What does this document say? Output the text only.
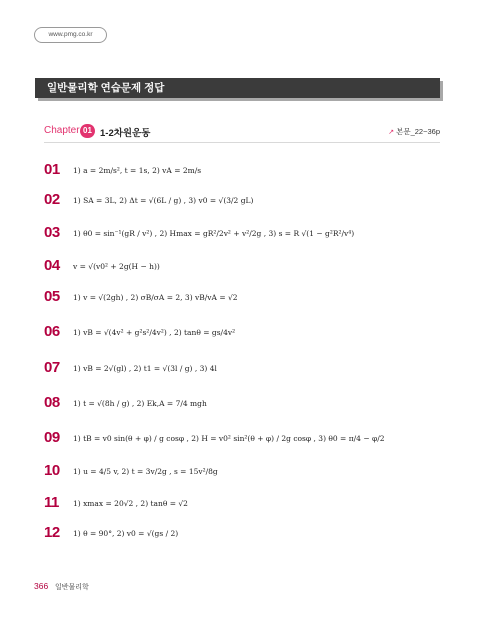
www.pmg.co.kr
일반물리학 연습문제 정답
Chapter 01 1-2차원운동	↗ 본문_22~36p
01	1) a = 2m/s², t = 1s, 2) vA = 2m/s
02	1) SA = 3L, 2) Δt = √(6L / g) , 3) v0 = √(3/2 gL)
03	1) θ0 = sin⁻¹(gR / v²) , 2) Hmax = gR²/2v² + v²/2g , 3) s = R √(1 − g²R²/v⁴)
04	v = √(v0² + 2g(H − h))
05	1) v = √(2gh) , 2) σB/σA = 2, 3) vB/vA = √2
06	1) vB = √(4v² + g²s²/4v²) , 2) tanθ = gs/4v²
07	1) vB = 2√(gl) , 2) t1 = √(3l / g) , 3) 4l
08	1) t = √(8h / g) , 2) Ek,A = 7/4 mgh
09	1) tB = v0 sin(θ + φ) / g cosφ , 2) H = v0² sin²(θ + φ) / 2g cosφ , 3) θ0 = π/4 − φ/2
10	1) u = 4/5 v, 2) t = 3v/2g , s = 15v²/8g
11	1) xmax = 20√2 , 2) tanθ = √2
12	1) θ = 90°, 2) v0 = √(gs / 2)
366 일반물리학
